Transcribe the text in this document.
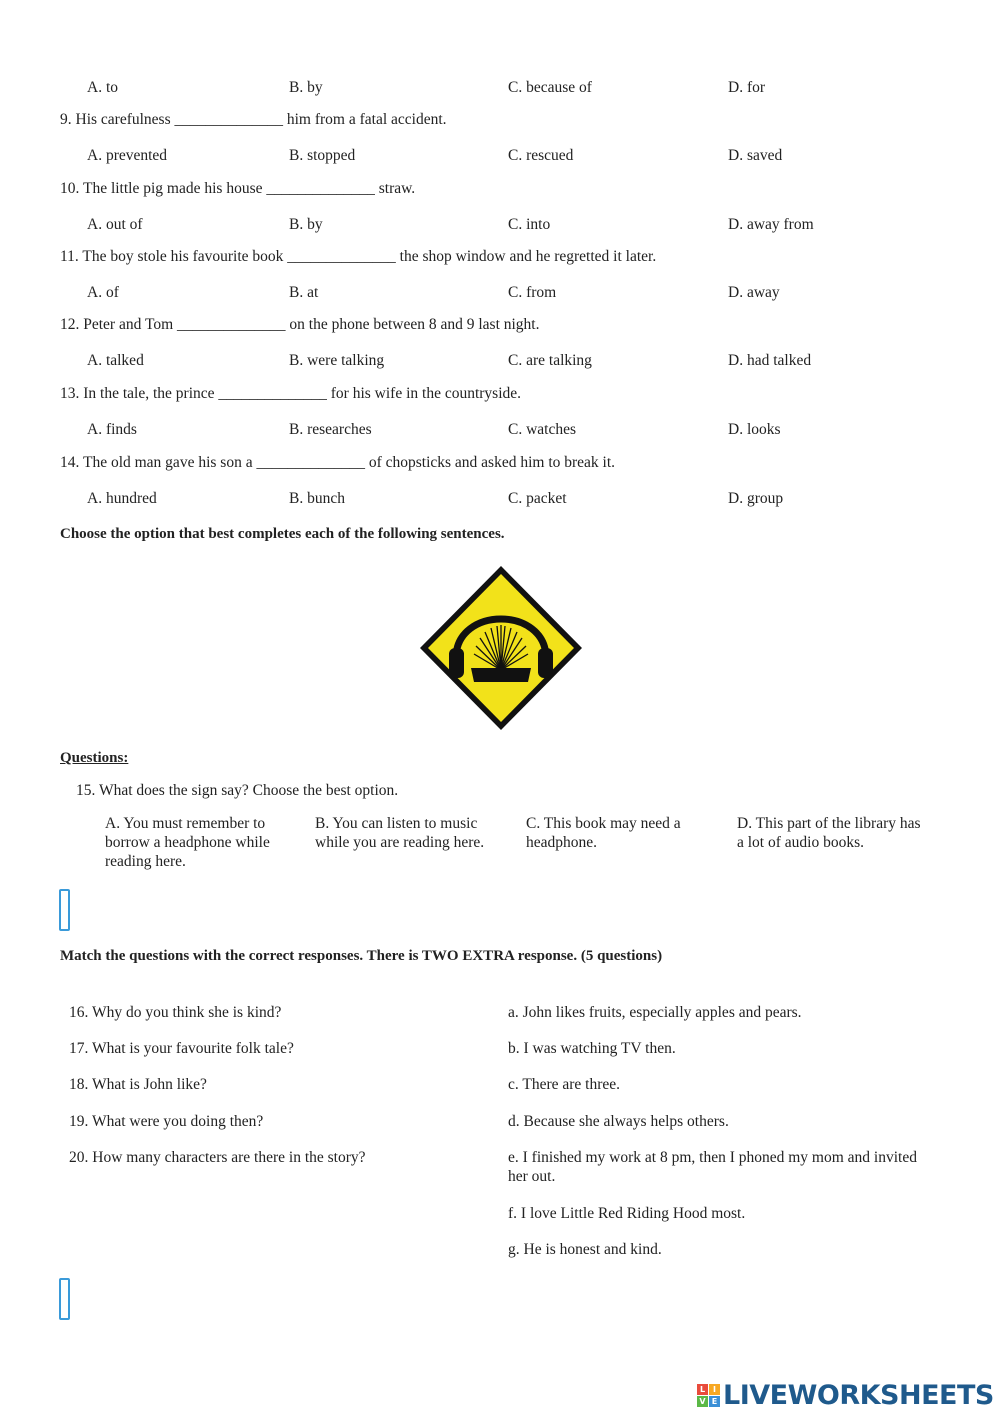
A. to	B. by	C. because of	D. for
9. His carefulness ______________ him from a fatal accident.
A. prevented	B. stopped	C. rescued	D. saved
10. The little pig made his house ______________ straw.
A. out of	B. by	C. into	D. away from
11. The boy stole his favourite book ______________ the shop window and he regretted it later.
A. of	B. at	C. from	D. away
12. Peter and Tom ______________ on the phone between 8 and 9 last night.
A. talked	B. were talking	C. are talking	D. had talked
13. In the tale, the prince ______________ for his wife in the countryside.
A. finds	B. researches	C. watches	D. looks
14. The old man gave his son a ______________ of chopsticks and asked him to break it.
A. hundred	B. bunch	C. packet	D. group
Choose the option that best completes each of the following sentences.
Questions:
15. What does the sign say? Choose the best option.
A. You must remember to borrow a headphone while reading here.
B. You can listen to music while you are reading here.
C. This book may need a headphone.
D. This part of the library has a lot of audio books.
Match the questions with the correct responses. There is TWO EXTRA response. (5 questions)
16. Why do you think she is kind?
17. What is your favourite folk tale?
18. What is John like?
19. What were you doing then?
20. How many characters are there in the story?
a. John likes fruits, especially apples and pears.
b. I was watching TV then.
c. There are three.
d. Because she always helps others.
e. I finished my work at 8 pm, then I phoned my mom and invited her out.
f. I love Little Red Riding Hood most.
g. He is honest and kind.
L I
V E LIVEWORKSHEETS
